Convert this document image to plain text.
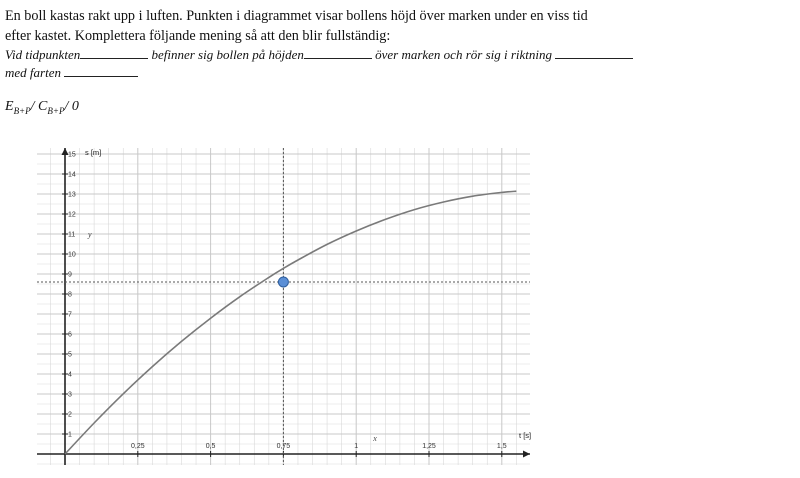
En boll kastas rakt upp i luften. Punkten i diagrammet visar bollens höjd över marken under en viss tid
efter kastet. Komplettera följande mening så att den blir fullständig:
Vid tidpunkten	befinner sig bollen på höjden	över marken och rör sig i riktning
med farten
$E_{B+P}/$ $C_{B+P}/$ 0
1
2
3
4
5
6
7
8
9
10
11
12
13
14
15
0,25	0,5	0,75	1	1,25	1,5
t [s]
s [m]
x
y
